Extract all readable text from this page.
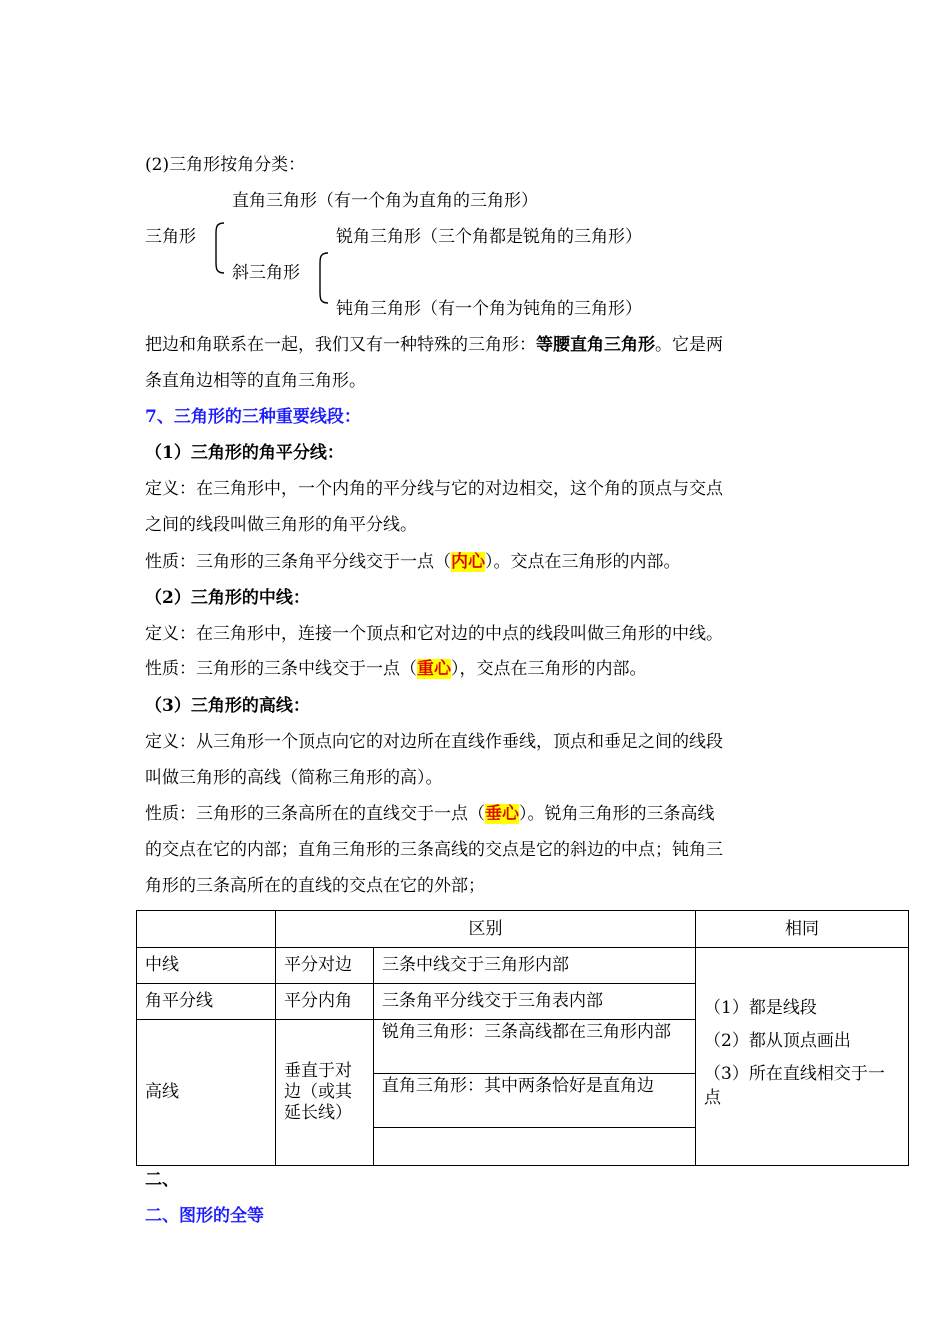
(2)三角形按角分类：
直角三角形（有一个角为直角的三角形）
三角形
斜三角形
锐角三角形（三个角都是锐角的三角形）
钝角三角形（有一个角为钝角的三角形）
把边和角联系在一起，我们又有一种特殊的三角形：等腰直角三角形。它是两
条直角边相等的直角三角形。
7、三角形的三种重要线段：
（1）三角形的角平分线：
定义：在三角形中，一个内角的平分线与它的对边相交，这个角的顶点与交点
之间的线段叫做三角形的角平分线。
性质：三角形的三条角平分线交于一点（内心）。交点在三角形的内部。
（2）三角形的中线：
定义：在三角形中，连接一个顶点和它对边的中点的线段叫做三角形的中线。
性质：三角形的三条中线交于一点（重心），交点在三角形的内部。
（3）三角形的高线：
定义：从三角形一个顶点向它的对边所在直线作垂线，顶点和垂足之间的线段
叫做三角形的高线（简称三角形的高）。
性质：三角形的三条高所在的直线交于一点（垂心）。锐角三角形的三条高线
的交点在它的内部；直角三角形的三条高线的交点是它的斜边的中点；钝角三
角形的三条高所在的直线的交点在它的外部；
	区别		相同
中线	平分对边	三条中线交于三角形内部	（1）都是线段
（2）都从顶点画出
（3）所在直线相交于一点

角平分线	平分内角	三条角平分线交于三角表内部	
高线	垂直于对边（或其延长线）	锐角三角形：三条高线都在三角形内部	
		直角三角形：其中两条恰好是直角边	

二、
二、图形的全等
